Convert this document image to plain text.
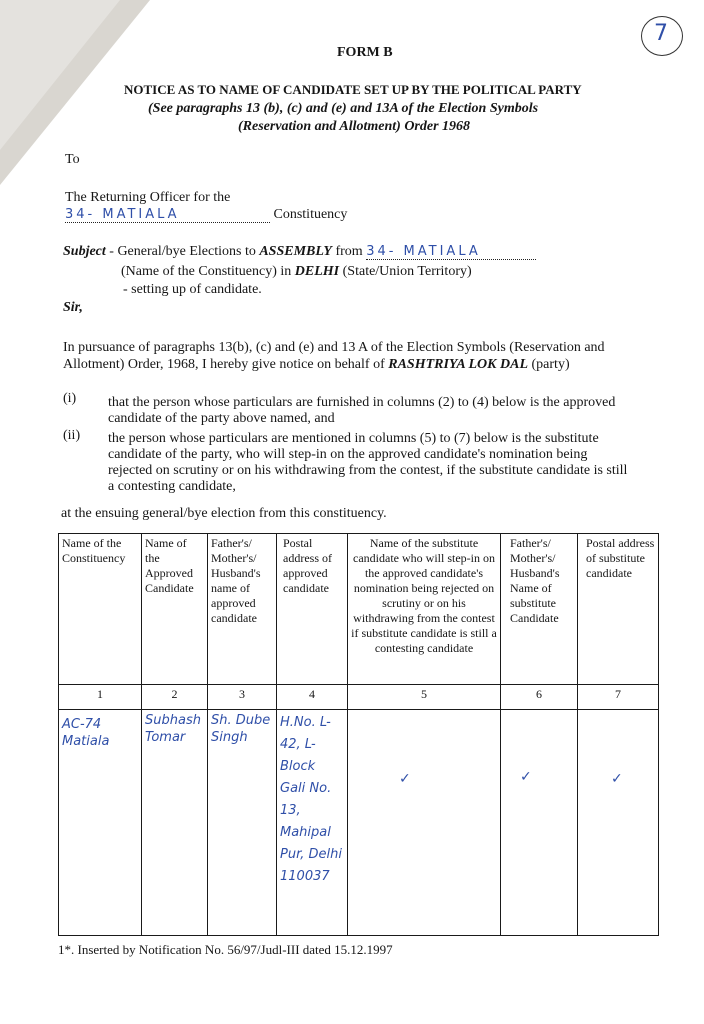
7
FORM B
NOTICE AS TO NAME OF CANDIDATE SET UP BY THE POLITICAL PARTY
(See paragraphs 13 (b), (c) and (e) and 13A of the Election Symbols
(Reservation and Allotment) Order 1968
To
The Returning Officer for the
34- MATIALA	Constituency
Subject - General/bye Elections to ASSEMBLY from 34- MATIALA
(Name of the Constituency) in DELHI (State/Union Territory)
- setting up of candidate.
Sir,
In pursuance of paragraphs 13(b), (c) and (e) and 13 A of the Election Symbols (Reservation and
Allotment) Order, 1968, I hereby give notice on behalf of RASHTRIYA LOK DAL (party)
(i) that the person whose particulars are furnished in columns (2) to (4) below is the approved
candidate of the party above named, and
(ii) the person whose particulars are mentioned in columns (5) to (7) below is the substitute
candidate of the party, who will step-in on the approved candidate's nomination being
rejected on scrutiny or on his withdrawing from the contest, if the substitute candidate is still
a contesting candidate,
at the ensuing general/bye election from this constituency.
Name of the Constituency	Name of the Approved Candidate	Father's/ Mother's/ Husband's name of approved candidate	Postal address of approved candidate	Name of the substitute candidate who will step-in on the approved candidate's nomination being rejected on scrutiny or on his withdrawing from the contest if substitute candidate is still a contesting candidate	Father's/ Mother's/ Husband's Name of substitute Candidate	Postal address of substitute candidate

1	2	3	4	5	6	7

AC-74 Matiala	Subhash Tomar	Sh. Dube Singh	H.No. L-42, L-Block Gali No. 13, Mahipal Pur, Delhi 110037	✓	✓	✓
1*. Inserted by Notification No. 56/97/Judl-III dated 15.12.1997
